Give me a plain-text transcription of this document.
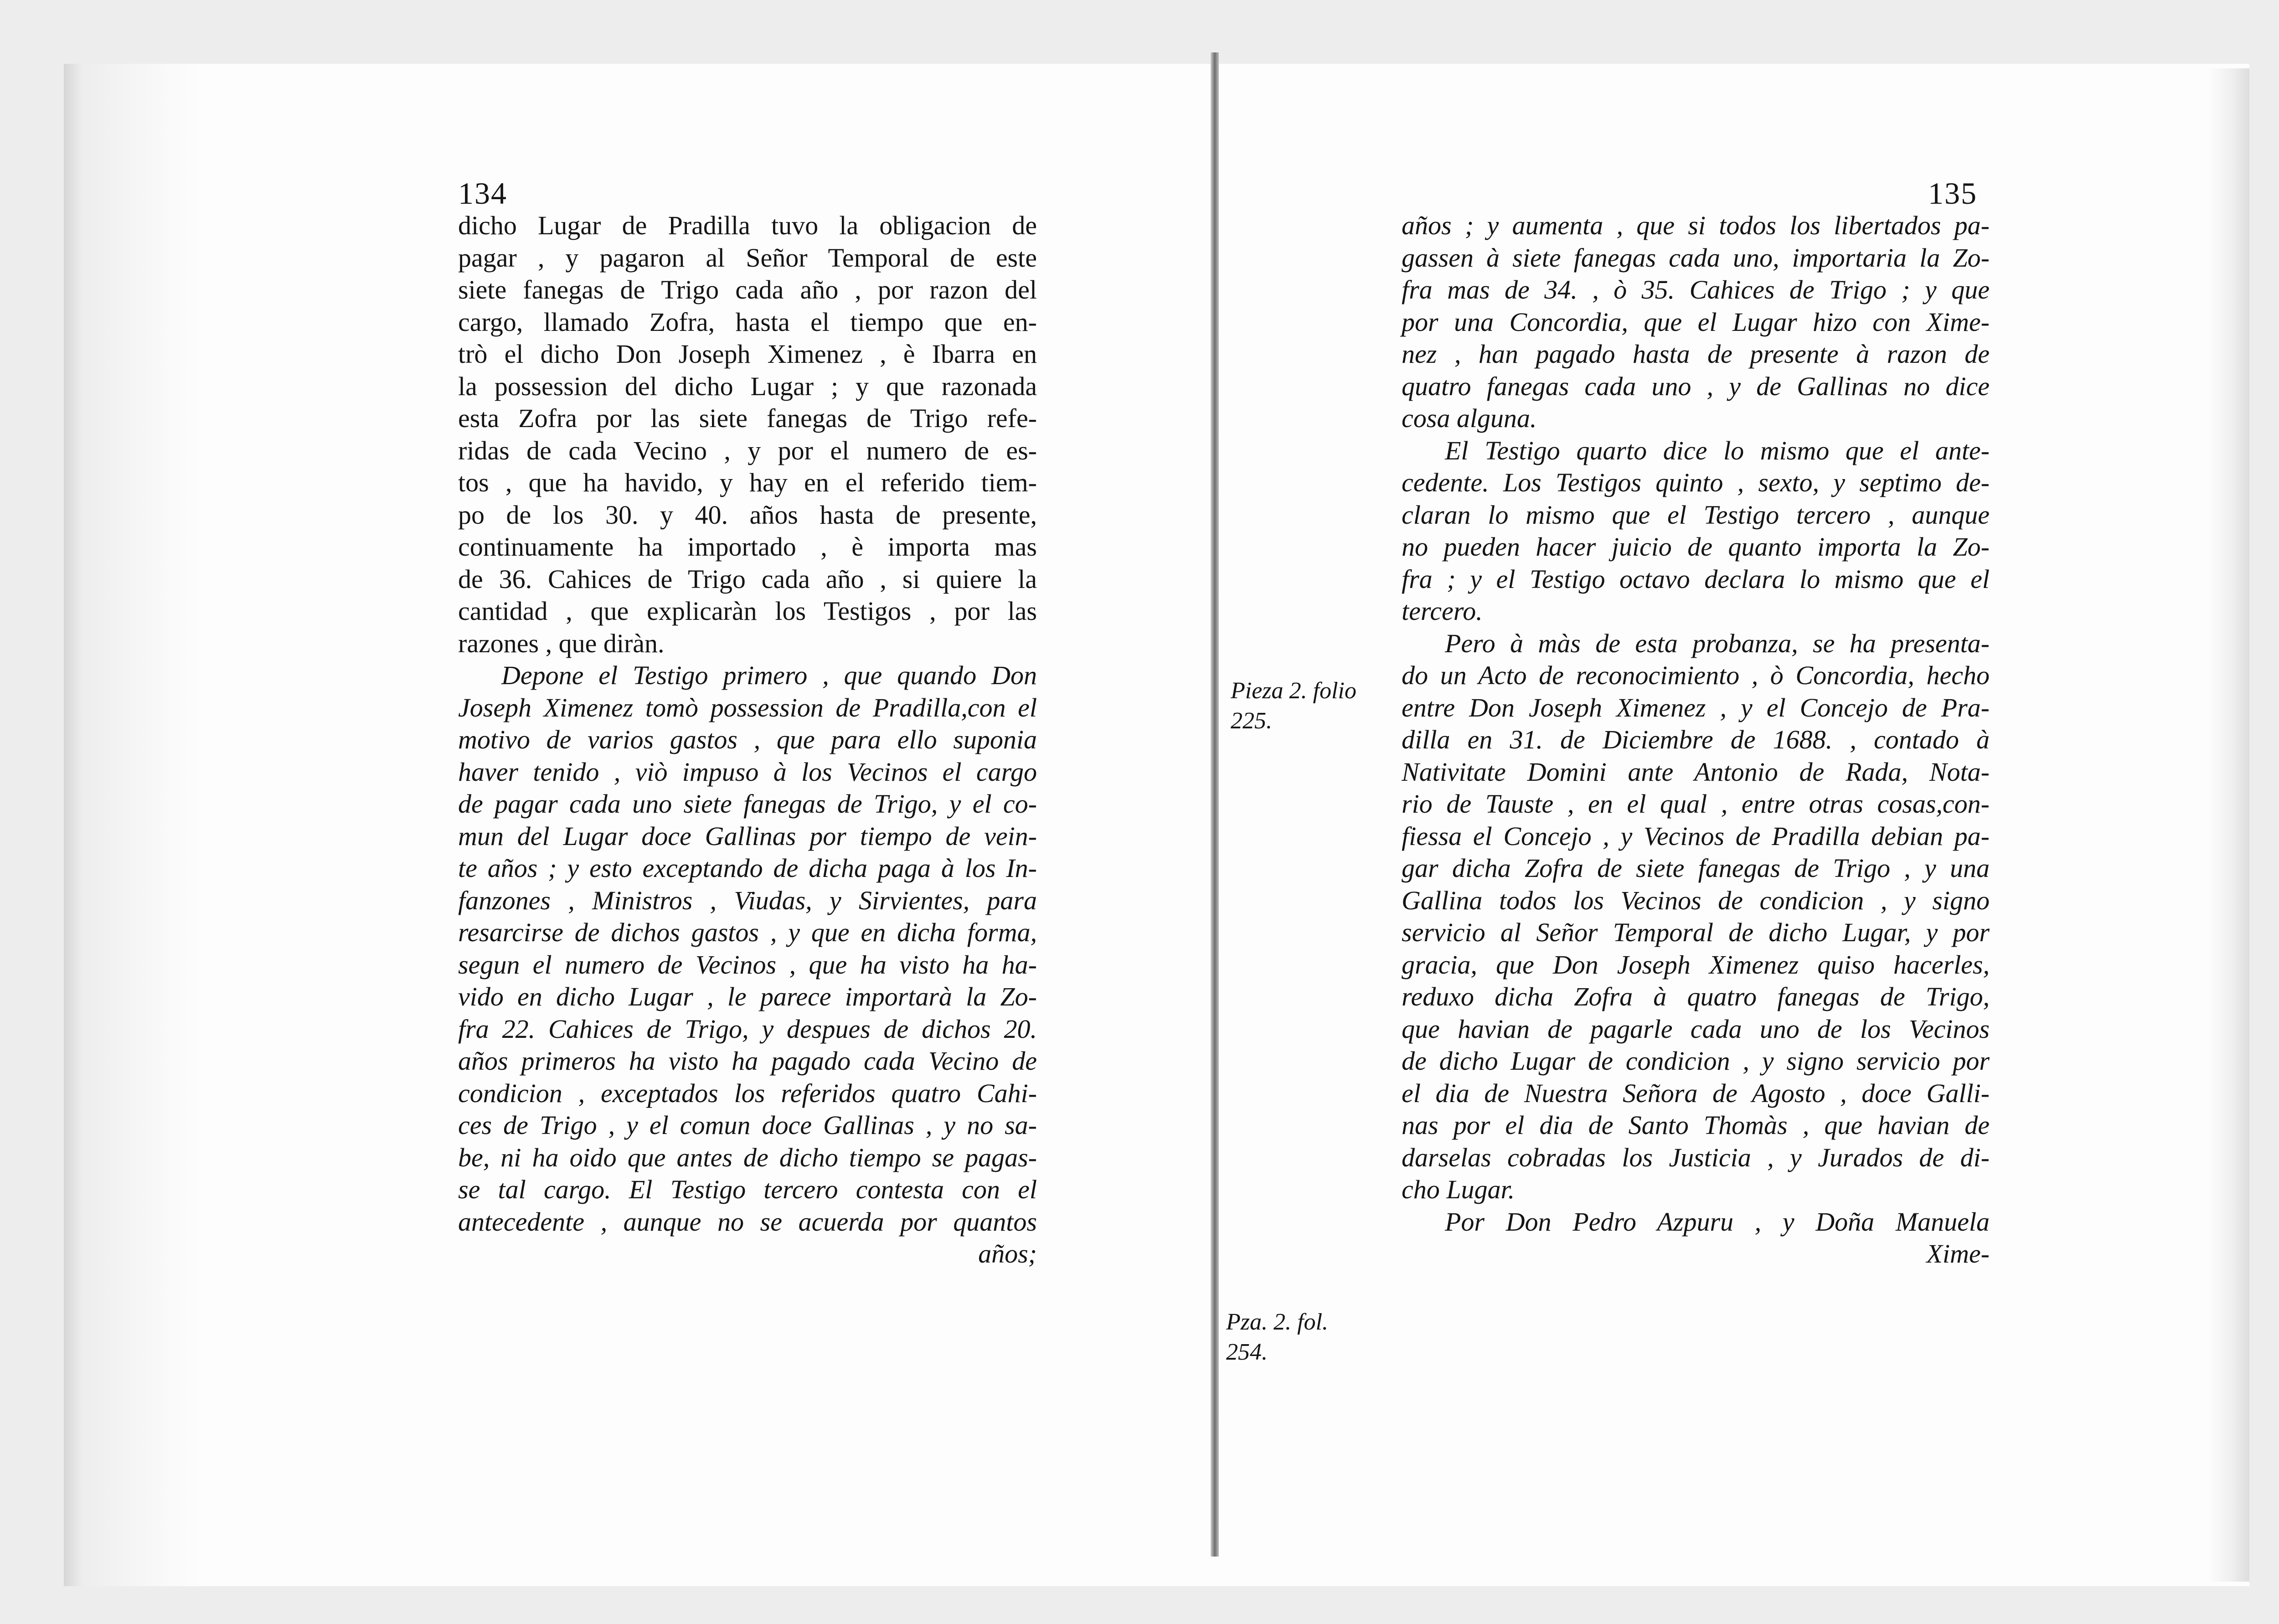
134	135
dicho Lugar de Pradilla tuvo la obligacion de
pagar , y pagaron al Señor Temporal de este
siete fanegas de Trigo cada año , por razon del
cargo, llamado Zofra, hasta el tiempo que en-
trò el dicho Don Joseph Ximenez , è Ibarra en
la possession del dicho Lugar ; y que razonada
esta Zofra por las siete fanegas de Trigo refe-
ridas de cada Vecino , y por el numero de es-
tos , que ha havido, y hay en el referido tiem-
po de los 30. y 40. años hasta de presente,
continuamente ha importado , è importa mas
de 36. Cahices de Trigo cada año , si quiere la
cantidad , que explicaràn los Testigos , por las
razones , que diràn.
Depone el Testigo primero , que quando Don
Joseph Ximenez tomò possession de Pradilla,con el
motivo de varios gastos , que para ello suponia
haver tenido , viò impuso à los Vecinos el cargo
de pagar cada uno siete fanegas de Trigo, y el co-
mun del Lugar doce Gallinas por tiempo de vein-
te años ; y esto exceptando de dicha paga à los In-
fanzones , Ministros , Viudas, y Sirvientes, para
resarcirse de dichos gastos , y que en dicha forma,
segun el numero de Vecinos , que ha visto ha ha-
vido en dicho Lugar , le parece importarà la Zo-
fra 22. Cahices de Trigo, y despues de dichos 20.
años primeros ha visto ha pagado cada Vecino de
condicion , exceptados los referidos quatro Cahi-
ces de Trigo , y el comun doce Gallinas , y no sa-
be, ni ha oido que antes de dicho tiempo se pagas-
se tal cargo. El Testigo tercero contesta con el
antecedente , aunque no se acuerda por quantos
años;
años ; y aumenta , que si todos los libertados pa-
gassen à siete fanegas cada uno, importaria la Zo-
fra mas de 34. , ò 35. Cahices de Trigo ; y que
por una Concordia, que el Lugar hizo con Xime-
nez , han pagado hasta de presente à razon de
quatro fanegas cada uno , y de Gallinas no dice
cosa alguna.
El Testigo quarto dice lo mismo que el ante-
cedente. Los Testigos quinto , sexto, y septimo de-
claran lo mismo que el Testigo tercero , aunque
no pueden hacer juicio de quanto importa la Zo-
fra ; y el Testigo octavo declara lo mismo que el
tercero.
Pero à màs de esta probanza, se ha presenta-
do un Acto de reconocimiento , ò Concordia, hecho
entre Don Joseph Ximenez , y el Concejo de Pra-
dilla en 31. de Diciembre de 1688. , contado à
Nativitate Domini ante Antonio de Rada, Nota-
rio de Tauste , en el qual , entre otras cosas,con-
fiessa el Concejo , y Vecinos de Pradilla debian pa-
gar dicha Zofra de siete fanegas de Trigo , y una
Gallina todos los Vecinos de condicion , y signo
servicio al Señor Temporal de dicho Lugar, y por
gracia, que Don Joseph Ximenez quiso hacerles,
reduxo dicha Zofra à quatro fanegas de Trigo,
que havian de pagarle cada uno de los Vecinos
de dicho Lugar de condicion , y signo servicio por
el dia de Nuestra Señora de Agosto , doce Galli-
nas por el dia de Santo Thomàs , que havian de
darselas cobradas los Justicia , y Jurados de di-
cho Lugar.
Por Don Pedro Azpuru , y Doña Manuela
Xime-
Pieza 2. folio
225.
Pza. 2. fol.
254.
